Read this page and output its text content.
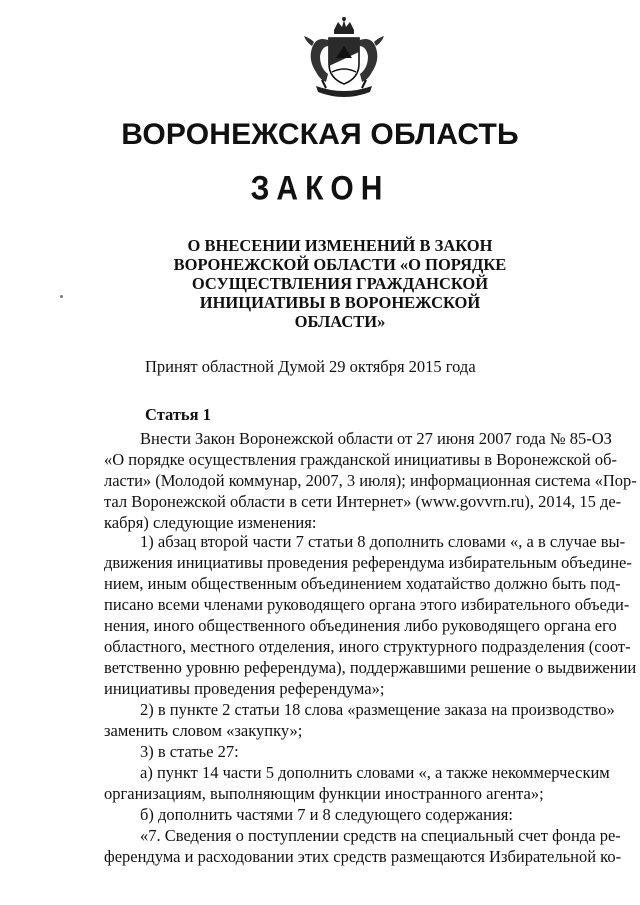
ВОРОНЕЖСКАЯ ОБЛАСТЬ
ЗАКОН
О ВНЕСЕНИИ ИЗМЕНЕНИЙ В ЗАКОН
ВОРОНЕЖСКОЙ ОБЛАСТИ «О ПОРЯДКЕ
ОСУЩЕСТВЛЕНИЯ ГРАЖДАНСКОЙ
ИНИЦИАТИВЫ В ВОРОНЕЖСКОЙ
ОБЛАСТИ»
Принят областной Думой 29 октября 2015 года
Статья 1
Внести Закон Воронежской области от 27 июня 2007 года № 85-ОЗ
«О порядке осуществления гражданской инициативы в Воронежской об-
ласти» (Молодой коммунар, 2007, 3 июля); информационная система «Пор-
тал Воронежской области в сети Интернет» (www.govvrn.ru), 2014, 15 де-
кабря) следующие изменения:
1) абзац второй части 7 статьи 8 дополнить словами «, а в случае вы-
движения инициативы проведения референдума избирательным объедине-
нием, иным общественным объединением ходатайство должно быть под-
писано всеми членами руководящего органа этого избирательного объеди-
нения, иного общественного объединения либо руководящего органа его
областного, местного отделения, иного структурного подразделения (соот-
ветственно уровню референдума), поддержавшими решение о выдвижении
инициативы проведения референдума»;
2) в пункте 2 статьи 18 слова «размещение заказа на производство»
заменить словом «закупку»;
3) в статье 27:
а) пункт 14 части 5 дополнить словами «, а также некоммерческим
организациям, выполняющим функции иностранного агента»;
б) дополнить частями 7 и 8 следующего содержания:
«7. Сведения о поступлении средств на специальный счет фонда ре-
ферендума и расходовании этих средств размещаются Избирательной ко-
